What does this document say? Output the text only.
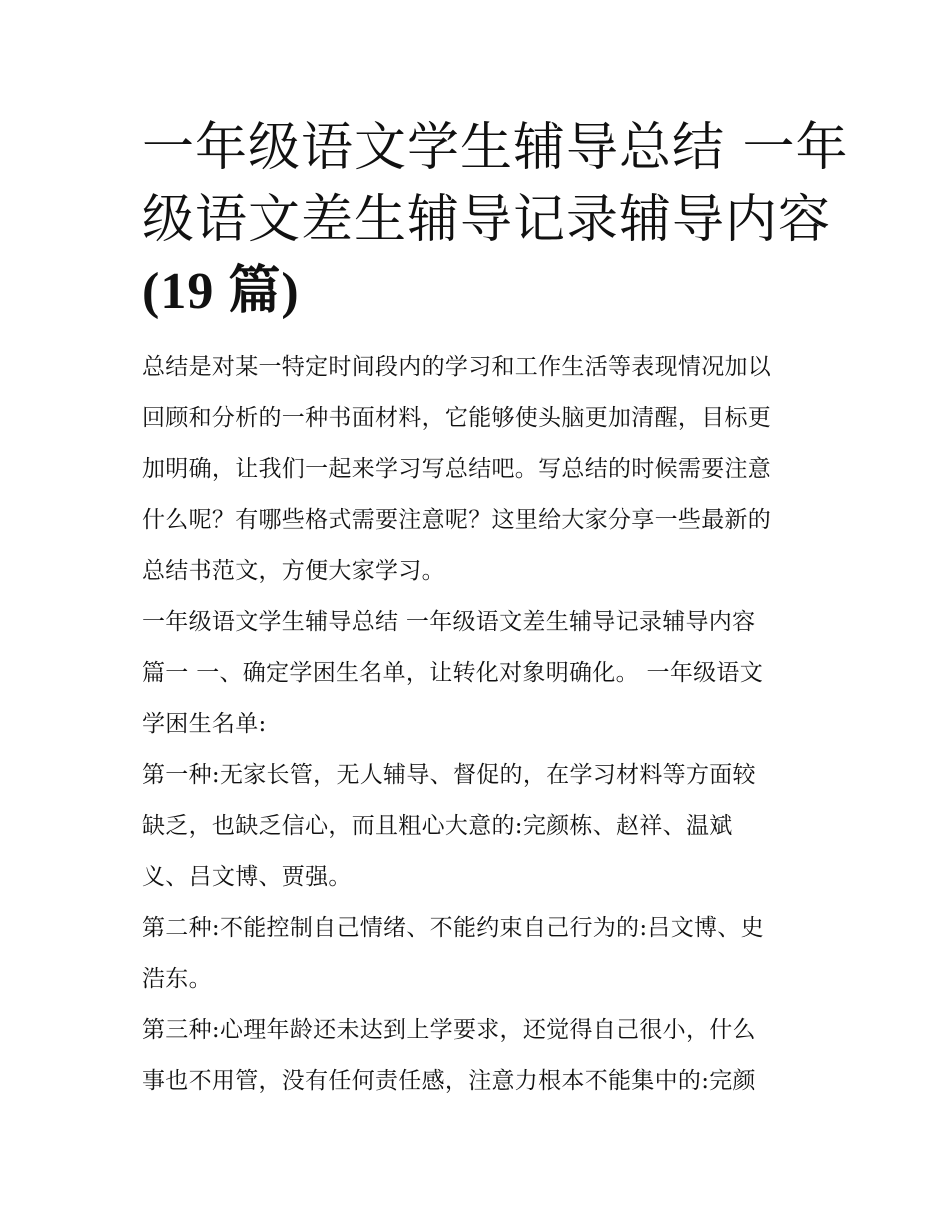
一年级语文学生辅导总结 一年
级语文差生辅导记录辅导内容
(19 篇)

总结是对某一特定时间段内的学习和工作生活等表现情况加以
回顾和分析的一种书面材料，它能够使头脑更加清醒，目标更
加明确，让我们一起来学习写总结吧。写总结的时候需要注意
什么呢？有哪些格式需要注意呢？这里给大家分享一些最新的
总结书范文，方便大家学习。

一年级语文学生辅导总结 一年级语文差生辅导记录辅导内容
篇一 一、确定学困生名单，让转化对象明确化。 一年级语文
学困生名单:

第一种:无家长管，无人辅导、督促的，在学习材料等方面较
缺乏，也缺乏信心，而且粗心大意的:完颜栋、赵祥、温斌
义、吕文博、贾强。

第二种:不能控制自己情绪、不能约束自己行为的:吕文博、史
浩东。

第三种:心理年龄还未达到上学要求，还觉得自己很小，什么
事也不用管，没有任何责任感，注意力根本不能集中的:完颜
